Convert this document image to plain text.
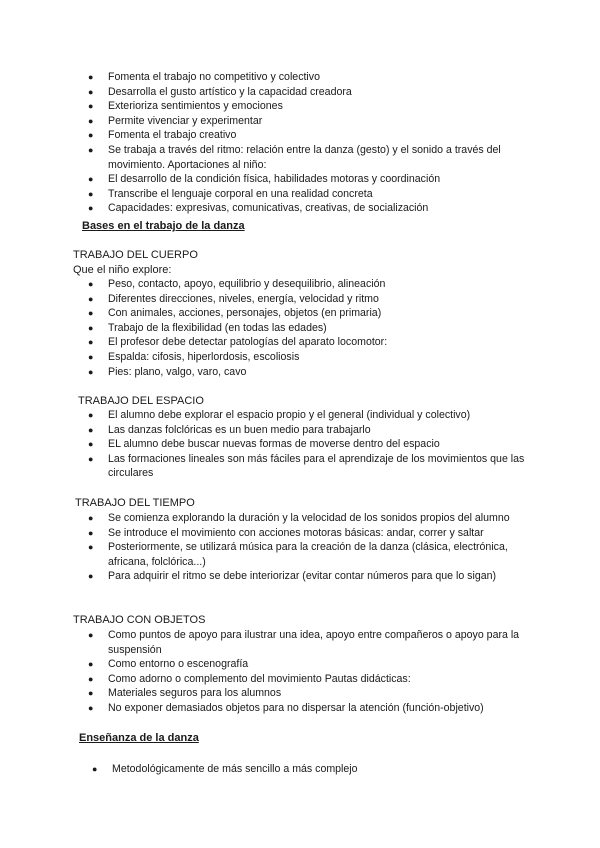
● Fomenta el trabajo no competitivo y colectivo
● Desarrolla el gusto artístico y la capacidad creadora
● Exterioriza sentimientos y emociones
● Permite vivenciar y experimentar
● Fomenta el trabajo creativo
● Se trabaja a través del ritmo: relación entre la danza (gesto) y el sonido a través del movimiento. Aportaciones al niño:
● El desarrollo de la condición física, habilidades motoras y coordinación
● Transcribe el lenguaje corporal en una realidad concreta
● Capacidades: expresivas, comunicativas, creativas, de socialización
Bases en el trabajo de la danza
TRABAJO DEL CUERPO
Que el niño explore:
● Peso, contacto, apoyo, equilibrio y desequilibrio, alineación
● Diferentes direcciones, niveles, energía, velocidad y ritmo
● Con animales, acciones, personajes, objetos (en primaria)
● Trabajo de la flexibilidad (en todas las edades)
● El profesor debe detectar patologías del aparato locomotor:
● Espalda: cifosis, hiperlordosis, escoliosis
● Pies: plano, valgo, varo, cavo
TRABAJO DEL ESPACIO
● El alumno debe explorar el espacio propio y el general (individual y colectivo)
● Las danzas folclóricas es un buen medio para trabajarlo
● EL alumno debe buscar nuevas formas de moverse dentro del espacio
● Las formaciones lineales son más fáciles para el aprendizaje de los movimientos que las circulares
TRABAJO DEL TIEMPO
● Se comienza explorando la duración y la velocidad de los sonidos propios del alumno
● Se introduce el movimiento con acciones motoras básicas: andar, correr y saltar
● Posteriormente, se utilizará música para la creación de la danza (clásica, electrónica, africana, folclórica...)
● Para adquirir el ritmo se debe interiorizar (evitar contar números para que lo sigan)
TRABAJO CON OBJETOS
● Como puntos de apoyo para ilustrar una idea, apoyo entre compañeros o apoyo para la suspensión
● Como entorno o escenografía
● Como adorno o complemento del movimiento Pautas didácticas:
● Materiales seguros para los alumnos
● No exponer demasiados objetos para no dispersar la atención (función-objetivo)
Enseñanza de la danza
● Metodológicamente de más sencillo a más complejo
